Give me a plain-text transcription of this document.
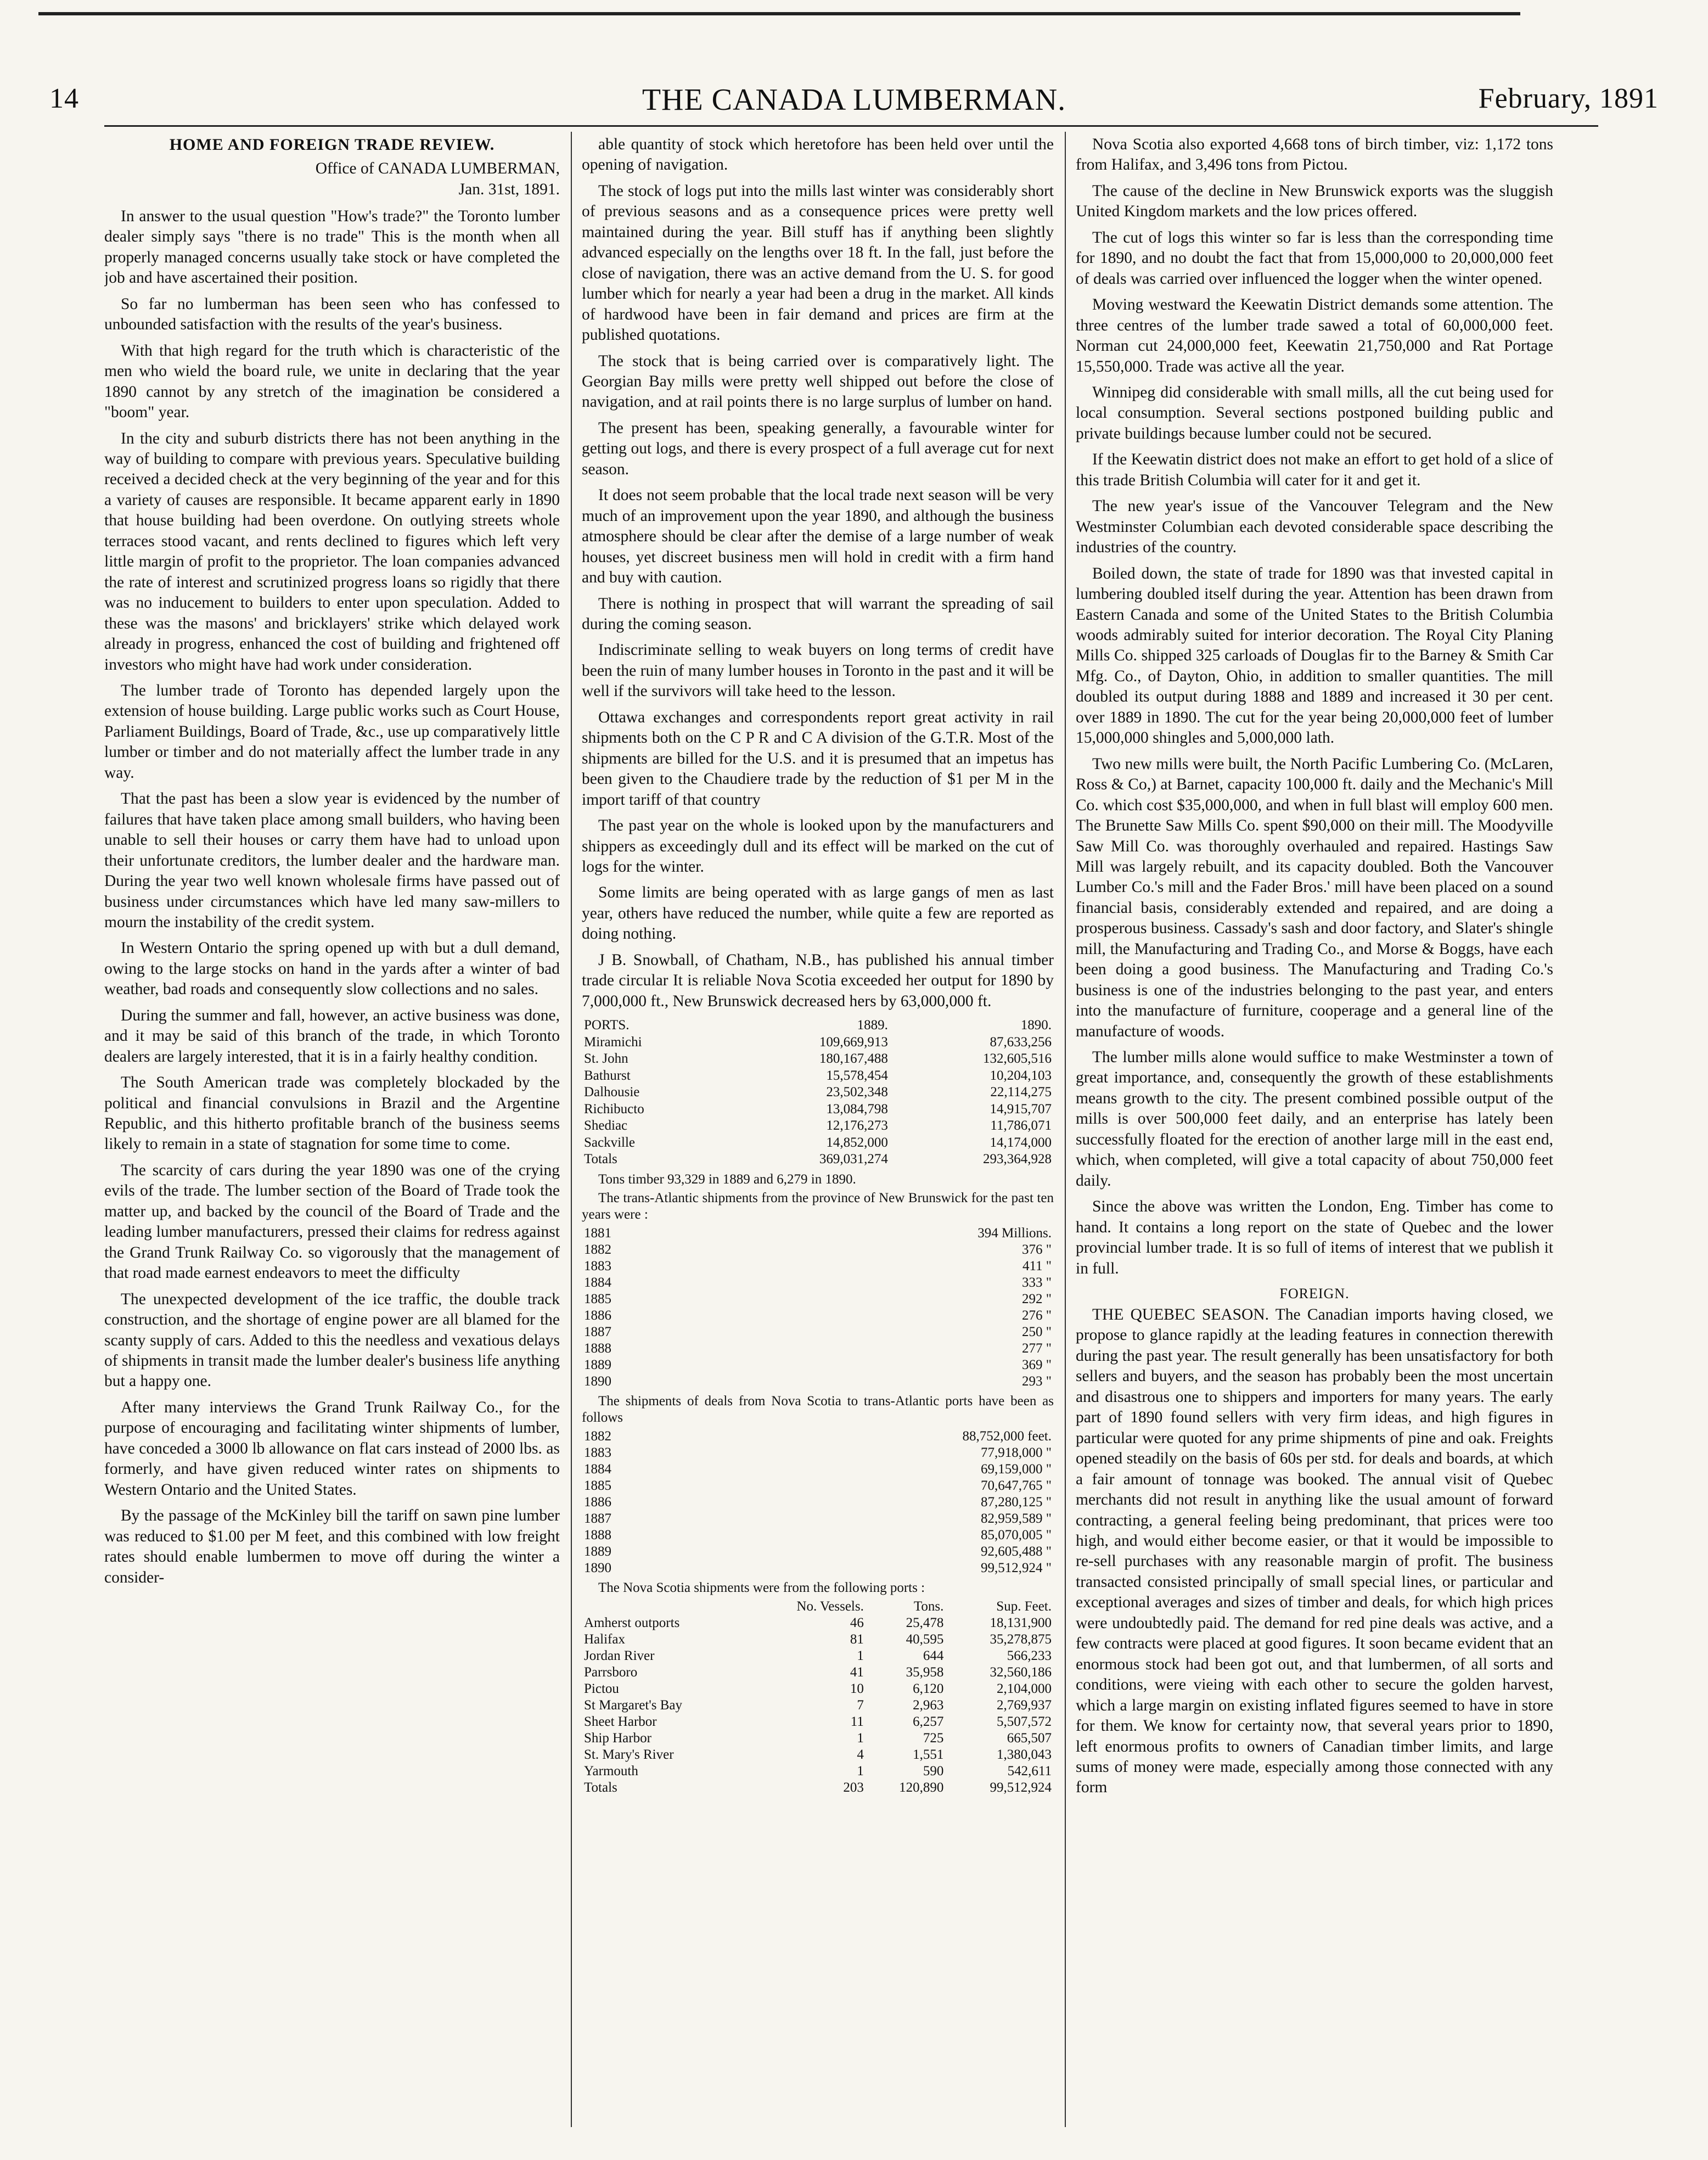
14	THE CANADA LUMBERMAN.	February, 1891
HOME AND FOREIGN TRADE REVIEW.
Office of CANADA LUMBERMAN,
Jan. 31st, 1891.

In answer to the usual question "How's trade?" the Toronto lumber dealer simply says "there is no trade" This is the month when all properly managed concerns usually take stock or have completed the job and have ascertained their position.

So far no lumberman has been seen who has confessed to unbounded satisfaction with the results of the year's business.

With that high regard for the truth which is characteristic of the men who wield the board rule, we unite in declaring that the year 1890 cannot by any stretch of the imagination be considered a "boom" year.

In the city and suburb districts there has not been anything in the way of building to compare with previous years. Speculative building received a decided check at the very beginning of the year and for this a variety of causes are responsible. It became apparent early in 1890 that house building had been overdone. On outlying streets whole terraces stood vacant, and rents declined to figures which left very little margin of profit to the proprietor. The loan companies advanced the rate of interest and scrutinized progress loans so rigidly that there was no inducement to builders to enter upon speculation. Added to these was the masons' and bricklayers' strike which delayed work already in progress, enhanced the cost of building and frightened off investors who might have had work under consideration.

The lumber trade of Toronto has depended largely upon the extension of house building. Large public works such as Court House, Parliament Buildings, Board of Trade, &c., use up comparatively little lumber or timber and do not materially affect the lumber trade in any way.

That the past has been a slow year is evidenced by the number of failures that have taken place among small builders, who having been unable to sell their houses or carry them have had to unload upon their unfortunate creditors, the lumber dealer and the hardware man. During the year two well known wholesale firms have passed out of business under circumstances which have led many saw-millers to mourn the instability of the credit system.

In Western Ontario the spring opened up with but a dull demand, owing to the large stocks on hand in the yards after a winter of bad weather, bad roads and consequently slow collections and no sales.

During the summer and fall, however, an active business was done, and it may be said of this branch of the trade, in which Toronto dealers are largely interested, that it is in a fairly healthy condition.

The South American trade was completely blockaded by the political and financial convulsions in Brazil and the Argentine Republic, and this hitherto profitable branch of the business seems likely to remain in a state of stagnation for some time to come.

The scarcity of cars during the year 1890 was one of the crying evils of the trade. The lumber section of the Board of Trade took the matter up, and backed by the council of the Board of Trade and the leading lumber manufacturers, pressed their claims for redress against the Grand Trunk Railway Co. so vigorously that the management of that road made earnest endeavors to meet the difficulty

The unexpected development of the ice traffic, the double track construction, and the shortage of engine power are all blamed for the scanty supply of cars. Added to this the needless and vexatious delays of shipments in transit made the lumber dealer's business life anything but a happy one.

After many interviews the Grand Trunk Railway Co., for the purpose of encouraging and facilitating winter shipments of lumber, have conceded a 3000 lb allowance on flat cars instead of 2000 lbs. as formerly, and have given reduced winter rates on shipments to Western Ontario and the United States.

By the passage of the McKinley bill the tariff on sawn pine lumber was reduced to $1.00 per M feet, and this combined with low freight rates should enable lumbermen to move off during the winter a consider-

able quantity of stock which heretofore has been held over until the opening of navigation.

The stock of logs put into the mills last winter was considerably short of previous seasons and as a consequence prices were pretty well maintained during the year. Bill stuff has if anything been slightly advanced especially on the lengths over 18 ft. In the fall, just before the close of navigation, there was an active demand from the U. S. for good lumber which for nearly a year had been a drug in the market. All kinds of hardwood have been in fair demand and prices are firm at the published quotations.

The stock that is being carried over is comparatively light. The Georgian Bay mills were pretty well shipped out before the close of navigation, and at rail points there is no large surplus of lumber on hand.

The present has been, speaking generally, a favourable winter for getting out logs, and there is every prospect of a full average cut for next season.

It does not seem probable that the local trade next season will be very much of an improvement upon the year 1890, and although the business atmosphere should be clear after the demise of a large number of weak houses, yet discreet business men will hold in credit with a firm hand and buy with caution.

There is nothing in prospect that will warrant the spreading of sail during the coming season.

Indiscriminate selling to weak buyers on long terms of credit have been the ruin of many lumber houses in Toronto in the past and it will be well if the survivors will take heed to the lesson.

Ottawa exchanges and correspondents report great activity in rail shipments both on the C P R and C A division of the G.T.R. Most of the shipments are billed for the U.S. and it is presumed that an impetus has been given to the Chaudiere trade by the reduction of $1 per M in the import tariff of that country

The past year on the whole is looked upon by the manufacturers and shippers as exceedingly dull and its effect will be marked on the cut of logs for the winter.

Some limits are being operated with as large gangs of men as last year, others have reduced the number, while quite a few are reported as doing nothing.

J B. Snowball, of Chatham, N.B., has published his annual timber trade circular It is reliable Nova Scotia exceeded her output for 1890 by 7,000,000 ft., New Brunswick decreased hers by 63,000,000 ft.

PORTS.	1889.	1890.
Miramichi	109,669,913	87,633,256
St. John	180,167,488	132,605,516
Bathurst	15,578,454	10,204,103
Dalhousie	23,502,348	22,114,275
Richibucto	13,084,798	14,915,707
Shediac	12,176,273	11,786,071
Sackville	14,852,000	14,174,000
Totals	369,031,274	293,364,928

Tons timber 93,329 in 1889 and 6,279 in 1890.

The trans-Atlantic shipments from the province of New Brunswick for the past ten years were :

1881	394 Millions.
1882	376 "
1883	411 "
1884	333 "
1885	292 "
1886	276 "
1887	250 "
1888	277 "
1889	369 "
1890	293 "

The shipments of deals from Nova Scotia to trans-Atlantic ports have been as follows

1882	88,752,000 feet.
1883	77,918,000 "
1884	69,159,000 "
1885	70,647,765 "
1886	87,280,125 "
1887	82,959,589 "
1888	85,070,005 "
1889	92,605,488 "
1890	99,512,924 "

The Nova Scotia shipments were from the following ports :

	No. Vessels.	Tons.	Sup. Feet.
Amherst outports	46	25,478	18,131,900
Halifax	81	40,595	35,278,875
Jordan River	1	644	566,233
Parrsboro	41	35,958	32,560,186
Pictou	10	6,120	2,104,000
St Margaret's Bay	7	2,963	2,769,937
Sheet Harbor	11	6,257	5,507,572
Ship Harbor	1	725	665,507
St. Mary's River	4	1,551	1,380,043
Yarmouth	1	590	542,611
Totals	203	120,890	99,512,924

Nova Scotia also exported 4,668 tons of birch timber, viz: 1,172 tons from Halifax, and 3,496 tons from Pictou.

The cause of the decline in New Brunswick exports was the sluggish United Kingdom markets and the low prices offered.

The cut of logs this winter so far is less than the corresponding time for 1890, and no doubt the fact that from 15,000,000 to 20,000,000 feet of deals was carried over influenced the logger when the winter opened.

Moving westward the Keewatin District demands some attention. The three centres of the lumber trade sawed a total of 60,000,000 feet. Norman cut 24,000,000 feet, Keewatin 21,750,000 and Rat Portage 15,550,000. Trade was active all the year.

Winnipeg did considerable with small mills, all the cut being used for local consumption. Several sections postponed building public and private buildings because lumber could not be secured.

If the Keewatin district does not make an effort to get hold of a slice of this trade British Columbia will cater for it and get it.

The new year's issue of the Vancouver Telegram and the New Westminster Columbian each devoted considerable space describing the industries of the country.

Boiled down, the state of trade for 1890 was that invested capital in lumbering doubled itself during the year. Attention has been drawn from Eastern Canada and some of the United States to the British Columbia woods admirably suited for interior decoration. The Royal City Planing Mills Co. shipped 325 carloads of Douglas fir to the Barney & Smith Car Mfg. Co., of Dayton, Ohio, in addition to smaller quantities. The mill doubled its output during 1888 and 1889 and increased it 30 per cent. over 1889 in 1890. The cut for the year being 20,000,000 feet of lumber 15,000,000 shingles and 5,000,000 lath.

Two new mills were built, the North Pacific Lumbering Co. (McLaren, Ross & Co,) at Barnet, capacity 100,000 ft. daily and the Mechanic's Mill Co. which cost $35,000,000, and when in full blast will employ 600 men. The Brunette Saw Mills Co. spent $90,000 on their mill. The Moodyville Saw Mill Co. was thoroughly overhauled and repaired. Hastings Saw Mill was largely rebuilt, and its capacity doubled. Both the Vancouver Lumber Co.'s mill and the Fader Bros.' mill have been placed on a sound financial basis, considerably extended and repaired, and are doing a prosperous business. Cassady's sash and door factory, and Slater's shingle mill, the Manufacturing and Trading Co., and Morse & Boggs, have each been doing a good business. The Manufacturing and Trading Co.'s business is one of the industries belonging to the past year, and enters into the manufacture of furniture, cooperage and a general line of the manufacture of woods.

The lumber mills alone would suffice to make Westminster a town of great importance, and, consequently the growth of these establishments means growth to the city. The present combined possible output of the mills is over 500,000 feet daily, and an enterprise has lately been successfully floated for the erection of another large mill in the east end, which, when completed, will give a total capacity of about 750,000 feet daily.

Since the above was written the London, Eng. Timber has come to hand. It contains a long report on the state of Quebec and the lower provincial lumber trade. It is so full of items of interest that we publish it in full.

FOREIGN.

THE QUEBEC SEASON. The Canadian imports having closed, we propose to glance rapidly at the leading features in connection therewith during the past year. The result generally has been unsatisfactory for both sellers and buyers, and the season has probably been the most uncertain and disastrous one to shippers and importers for many years. The early part of 1890 found sellers with very firm ideas, and high figures in particular were quoted for any prime shipments of pine and oak. Freights opened steadily on the basis of 60s per std. for deals and boards, at which a fair amount of tonnage was booked. The annual visit of Quebec merchants did not result in anything like the usual amount of forward contracting, a general feeling being predominant, that prices were too high, and would either become easier, or that it would be impossible to re-sell purchases with any reasonable margin of profit. The business transacted consisted principally of small special lines, or particular and exceptional averages and sizes of timber and deals, for which high prices were undoubtedly paid. The demand for red pine deals was active, and a few contracts were placed at good figures. It soon became evident that an enormous stock had been got out, and that lumbermen, of all sorts and conditions, were vieing with each other to secure the golden harvest, which a large margin on existing inflated figures seemed to have in store for them. We know for certainty now, that several years prior to 1890, left enormous profits to owners of Canadian timber limits, and large sums of money were made, especially among those connected with any form
